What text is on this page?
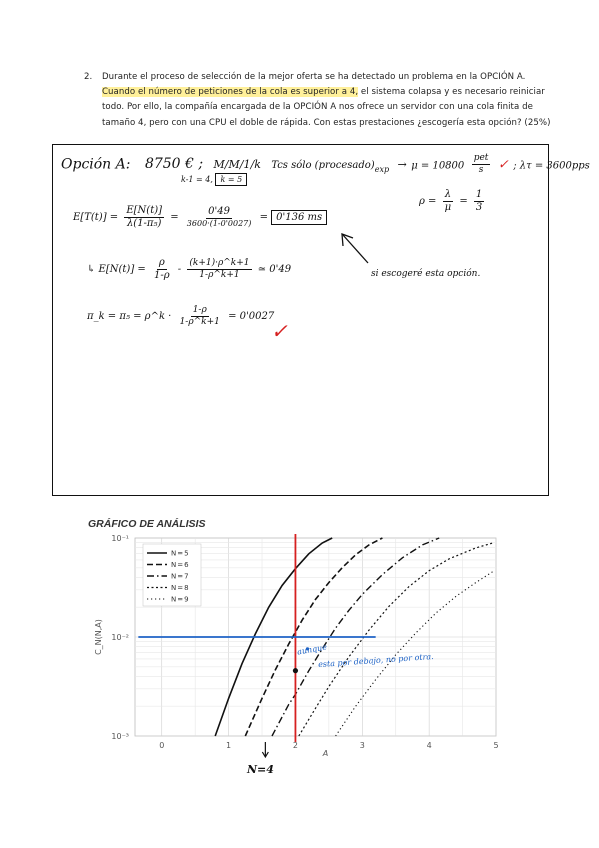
2. Durante el proceso de selección de la mejor oferta se ha detectado un problema en la OPCIÓN A. Cuando el número de peticiones de la cola es superior a 4, el sistema colapsa y es necesario reiniciar todo. Por ello, la compañía encargada de la OPCIÓN A nos ofrece un servidor con una cola finita de tamaño 4, pero con una CPU el doble de rápida. Con estas prestaciones ¿escogería esta opción? (25%)
Opción A: 8750 € ; M/M/1/k Tcs sólo $(procesado)_{exp} \to \mu = 10800 \frac{\text{pet}}{s}$ ✓ ; λτ = 3600pps
k-1 = 4, k = 5
$\rho = \frac{\lambda}{\mu} = \frac{1}{3}$
$E[T(t)] = \frac{E[N(t)]}{\text{λ(1-π₅)}} = \frac{0'49}{3600\cdot(1-0'0027)} = 0'136$ ms
si escogeré esta opción.
↳ $E[N(t)] = \frac{\rho}{1-\rho} - \frac{(k+1)\cdot\rho\^{}k+1}{1-\rho\^{}k+1}$ ≃ 0'49
π_k = π₅ = ρ^k · $\frac{1-\rho}{1-\rho\^{}k+1} = 0'0027$
✓
GRÁFICO DE ANÁLISIS
0	1	2	3	4	5
10⁻³
10⁻²
10⁻¹
A
C_N(N,A)
N=5
N=6
N=7
N=8
N=9
aunque
esta por debajo, no por otra.
N=4
